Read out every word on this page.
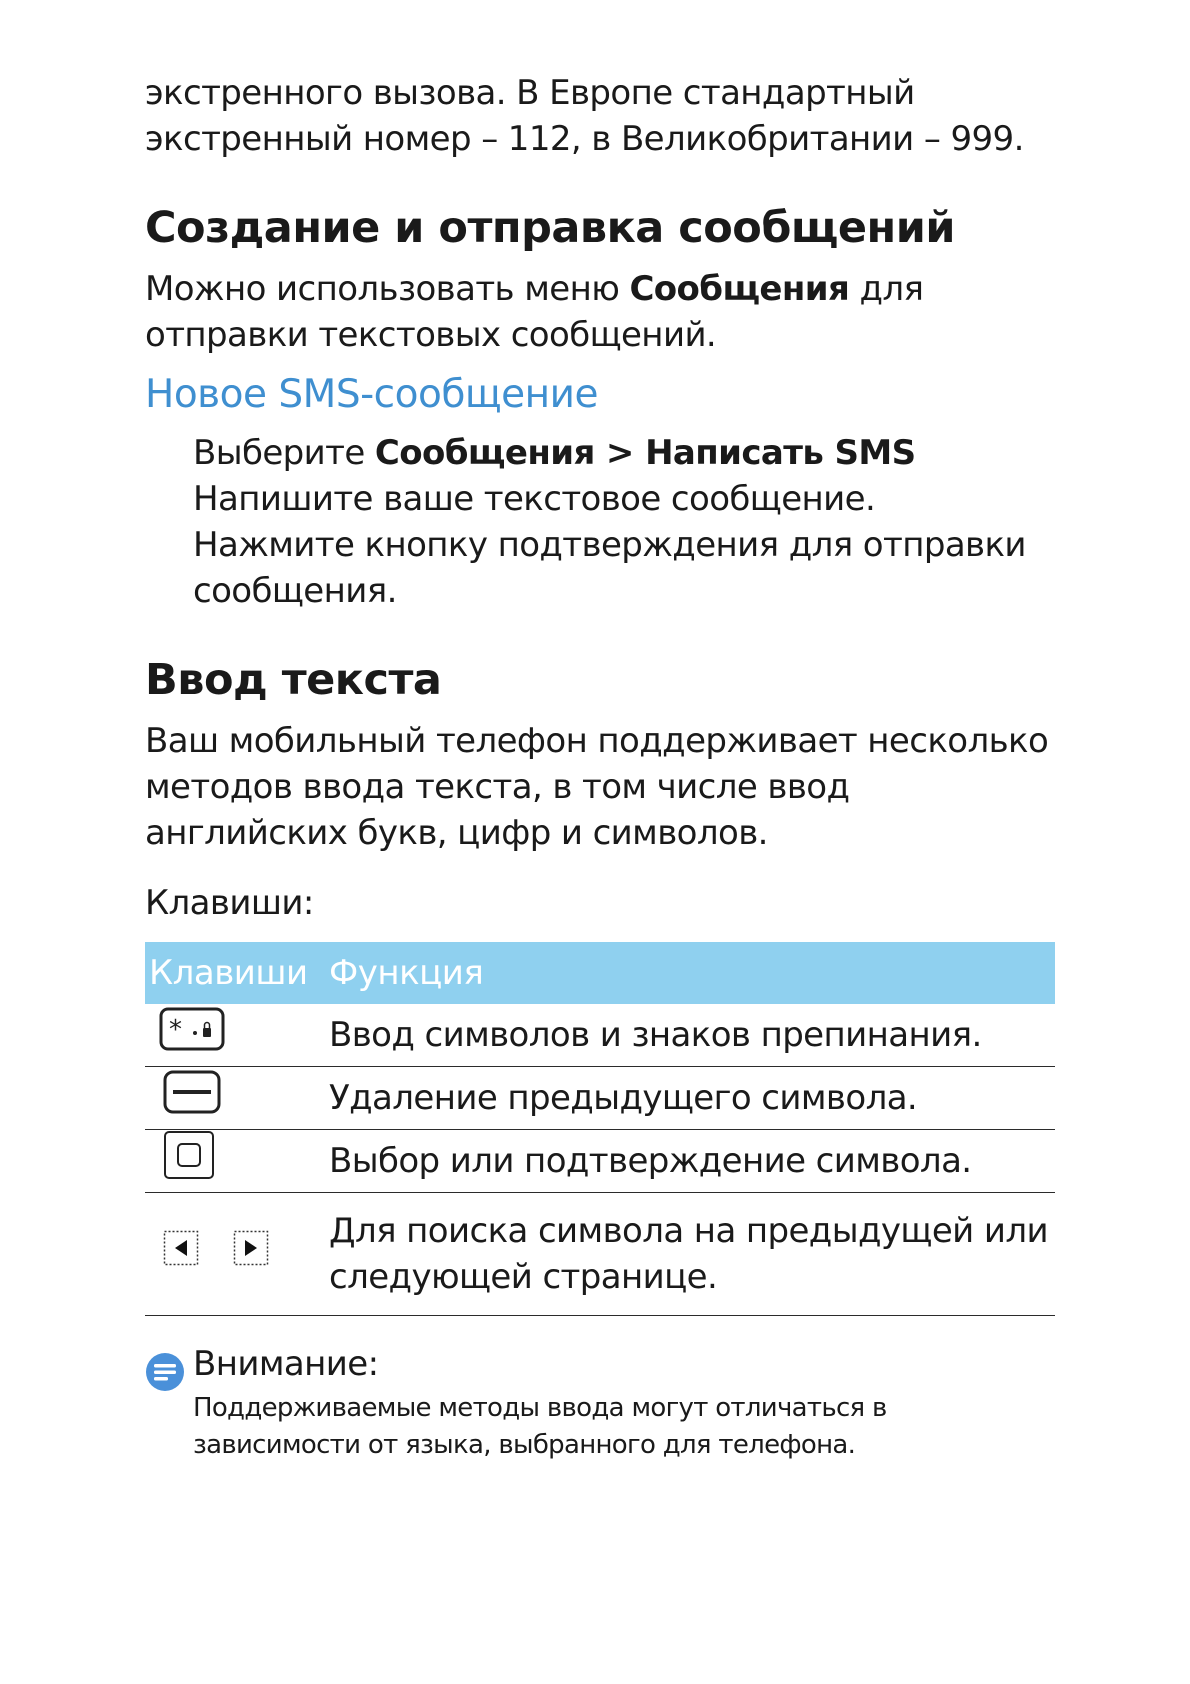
экстренного вызова. В Европе стандартный
экстренный номер – 112, в Великобритании – 999.

Создание и отправка сообщений

Можно использовать меню Сообщения для отправки текстовых сообщений.

Новое SMS-сообщение

Выберите Сообщения > Написать SMS

Напишите ваше текстовое сообщение.

Нажмите кнопку подтверждения для отправки сообщения.

Ввод текста

Ваш мобильный телефон поддерживает несколько методов ввода текста, в том числе ввод английских букв, цифр и символов.

Клавиши:

Клавиши	Функция

*	Ввод символов и знаков препинания.
	Удаление предыдущего символа.
	Выбор или подтверждение символа.
	Для поиска символа на предыдущей или следующей странице.

Внимание:

Поддерживаемые методы ввода могут отличаться в зависимости от языка, выбранного для телефона.
